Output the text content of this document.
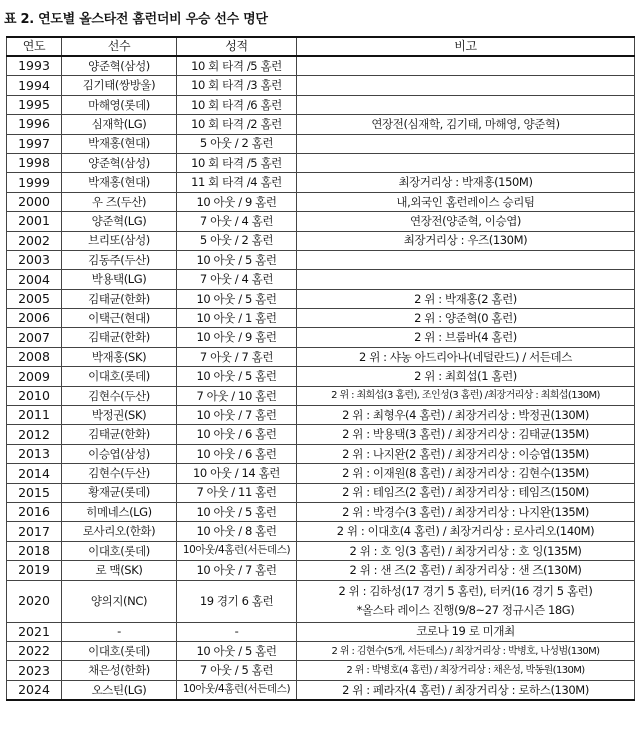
표 2. 연도별 올스타전 홈런더비 우승 선수 명단
연도	선수	성적	비고
1993	양준혁(삼성)	10 회 타격 /5 홈런	
1994	김기태(쌍방울)	10 회 타격 /3 홈런	
1995	마해영(롯데)	10 회 타격 /6 홈런	
1996	심재학(LG)	10 회 타격 /2 홈런	연장전(심재학, 김기태, 마해영, 양준혁)
1997	박재홍(현대)	5 아웃 / 2 홈런	
1998	양준혁(삼성)	10 회 타격 /5 홈런	
1999	박재홍(현대)	11 회 타격 /4 홈런	최장거리상 : 박재홍(150M)
2000	우 즈(두산)	10 아웃 / 9 홈런	내,외국인 홈런레이스 승리팀
2001	양준혁(LG)	7 아웃 / 4 홈런	연장전(양준혁, 이승엽)
2002	브리또(삼성)	5 아웃 / 2 홈런	최장거리상 : 우즈(130M)
2003	김동주(두산)	10 아웃 / 5 홈런	
2004	박용택(LG)	7 아웃 / 4 홈런	
2005	김태균(한화)	10 아웃 / 5 홈런	2 위 : 박재홍(2 홈런)
2006	이택근(현대)	10 아웃 / 1 홈런	2 위 : 양준혁(0 홈런)
2007	김태균(한화)	10 아웃 / 9 홈런	2 위 : 브룸바(4 홈런)
2008	박재홍(SK)	7 아웃 / 7 홈런	2 위 : 샤농 아드리아나(네덜란드) / 서든데스
2009	이대호(롯데)	10 아웃 / 5 홈런	2 위 : 최희섭(1 홈런)
2010	김현수(두산)	7 아웃 / 10 홈런	2 위 : 최희섭(3 홈런), 조인성(3 홈런) /최장거리상 : 최희섭(130M)
2011	박정권(SK)	10 아웃 / 7 홈런	2 위 : 최형우(4 홈런) / 최장거리상 : 박정권(130M)
2012	김태균(한화)	10 아웃 / 6 홈런	2 위 : 박용택(3 홈런) / 최장거리상 : 김태균(135M)
2013	이승엽(삼성)	10 아웃 / 6 홈런	2 위 : 나지완(2 홈런) / 최장거리상 : 이승엽(135M)
2014	김현수(두산)	10 아웃 / 14 홈런	2 위 : 이재원(8 홈런) / 최장거리상 : 김현수(135M)
2015	황재균(롯데)	7 아웃 / 11 홈런	2 위 : 테임즈(2 홈런) / 최장거리상 : 테임즈(150M)
2016	히메네스(LG)	10 아웃 / 5 홈런	2 위 : 박경수(3 홈런) / 최장거리상 : 나지완(135M)
2017	로사리오(한화)	10 아웃 / 8 홈런	2 위 : 이대호(4 홈런) / 최장거리상 : 로사리오(140M)
2018	이대호(롯데)	10아웃/4홈런(서든데스)	2 위 : 호 잉(3 홈런) / 최장거리상 : 호 잉(135M)
2019	로 맥(SK)	10 아웃 / 7 홈런	2 위 : 샌 즈(2 홈런) / 최장거리상 : 샌 즈(130M)
2020	양의지(NC)	19 경기 6 홈런	2 위 : 김하성(17 경기 5 홈런), 터커(16 경기 5 홈런)
*올스타 레이스 진행(9/8~27 정규시즌 18G)

2021	-	-	코로나 19 로 미개최
2022	이대호(롯데)	10 아웃 / 5 홈런	2 위 : 김현수(5개, 서든데스) / 최장거리상 : 박병호, 나성범(130M)
2023	채은성(한화)	7 아웃 / 5 홈런	2 위 : 박병호(4 홈런) / 최장거리상 : 채은성, 박동원(130M)
2024	오스틴(LG)	10아웃/4홈런(서든데스)	2 위 : 페라자(4 홈런) / 최장거리상 : 로하스(130M)
